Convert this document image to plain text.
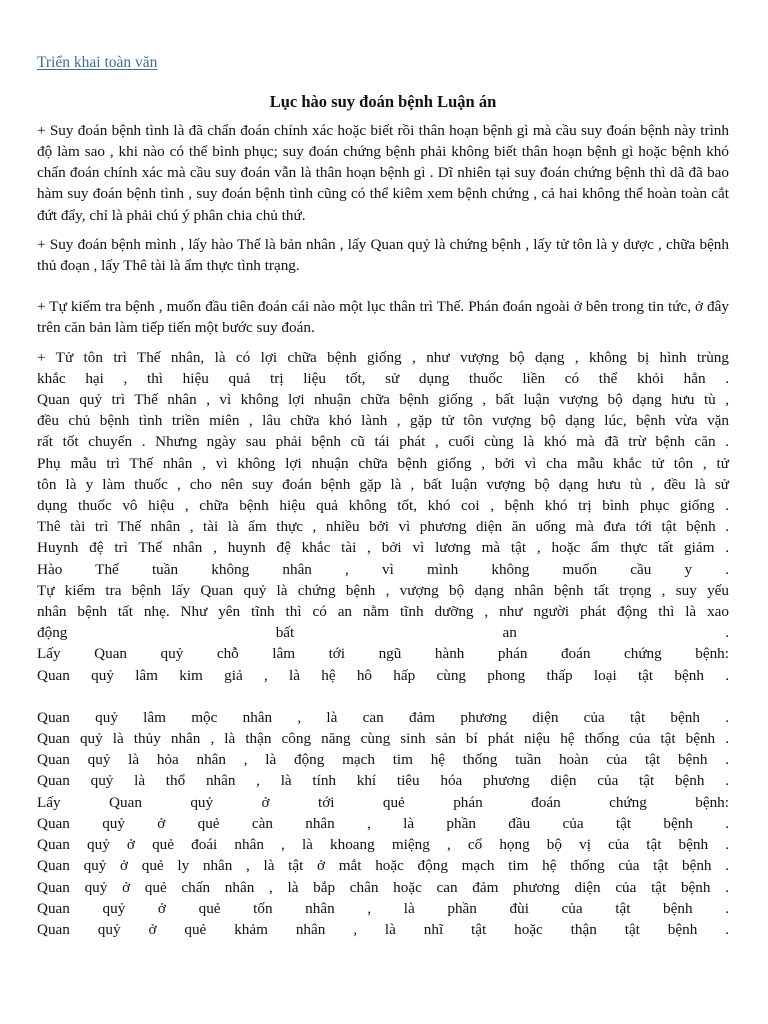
Triển khai toàn văn
Lục hào suy đoán bệnh Luận án

+ Suy đoán bệnh tình là đã chẩn đoán chính xác hoặc biết rồi thân hoạn bệnh gì mà cầu suy đoán bệnh này trình độ làm sao , khi nào có thể bình phục; suy đoán chứng bệnh phải không biết thân hoạn bệnh gì hoặc bệnh khó chẩn đoán chính xác mà cầu suy đoán vẫn là thân hoạn bệnh gì . Dĩ nhiên tại suy đoán chứng bệnh thì dã đã bao hàm suy đoán bệnh tình , suy đoán bệnh tình cũng có thể kiêm xem bệnh chứng , cả hai không thể hoàn toàn cắt đứt đẩy, chỉ là phải chú ý phân chia chủ thứ.

+ Suy đoán bệnh mình , lấy hào Thế là bản nhân , lấy Quan quỷ là chứng bệnh , lấy tử tôn là y dược , chữa bệnh thủ đoạn , lấy Thê tài là ẩm thực tình trạng.

+ Tự kiểm tra bệnh , muốn đầu tiên đoán cái nào một lục thân trì Thế. Phán đoán ngoài ở bên trong tin tức, ở đây trên căn bản làm tiếp tiến một bước suy đoán.

+ Tử tôn trì Thế nhân, là có lợi chữa bệnh giống , như vượng bộ dạng , không bị hình trùng
khắc hại , thì hiệu quả trị liệu tốt, sử dụng thuốc liền có thể khỏi hẳn .
Quan quỷ trì Thế nhân , vì không lợi nhuận chữa bệnh giống , bất luận vượng bộ dạng hưu tù ,
đều chủ bệnh tình triền miên , lâu chữa khó lành , gặp tử tôn vượng bộ dạng lúc, bệnh vừa vặn
rất tốt chuyển . Nhưng ngày sau phải bệnh cũ tái phát , cuối cùng là khó mà đã trừ bệnh căn .
Phụ mẫu trì Thế nhân , vì không lợi nhuận chữa bệnh giống , bởi vì cha mẫu khắc tử tôn , tử
tôn là y làm thuốc , cho nên suy đoán bệnh gặp là , bất luận vượng bộ dạng hưu tù , đều là sử
dụng thuốc vô hiệu , chữa bệnh hiệu quả không tốt, khó coi , bệnh khó trị bình phục giống .
Thê tài trì Thế nhân , tài là ẩm thực , nhiều bởi vì phương diện ăn uống mà đưa tới tật bệnh .
Huynh đệ trì Thế nhân , huynh đệ khắc tài , bởi vì lương mà tật , hoặc ẩm thực tất giảm .
Hào Thế tuần không nhân , vì mình không muốn cầu y .
Tự kiểm tra bệnh lấy Quan quỷ là chứng bệnh , vượng bộ dạng nhân bệnh tất trọng , suy yếu
nhân bệnh tất nhẹ. Như yên tĩnh thì có an nằm tĩnh dưỡng , như người phát động thì là xao
động bất an .
Lấy Quan quỷ chỗ lâm tới ngũ hành phán đoán chứng bệnh:
Quan quỷ lâm kim giả , là hệ hô hấp cùng phong thấp loại tật bệnh .
Quan quỷ lâm mộc nhân , là can đảm phương diện của tật bệnh .
Quan quỷ là thủy nhân , là thận công năng cùng sinh sản bí phát niệu hệ thống của tật bệnh .
Quan quỷ là hỏa nhân , là động mạch tim hệ thống tuần hoàn của tật bệnh .
Quan quỷ là thổ nhân , là tính khí tiêu hóa phương diện của tật bệnh .
Lấy Quan quỷ ở tới quẻ phán đoán chứng bệnh:
Quan quỷ ở quẻ càn nhân , là phần đầu của tật bệnh .
Quan quỷ ở quẻ đoái nhân , là khoang miệng , cổ họng bộ vị của tật bệnh .
Quan quỷ ở quẻ ly nhân , là tật ở mắt hoặc động mạch tim hệ thống của tật bệnh .
Quan quỷ ở quẻ chấn nhân , là bắp chân hoặc can đảm phương diện của tật bệnh .
Quan quỷ ở quẻ tốn nhân , là phần đùi của tật bệnh .
Quan quỷ ở quẻ khảm nhân , là nhĩ tật hoặc thận tật bệnh .
